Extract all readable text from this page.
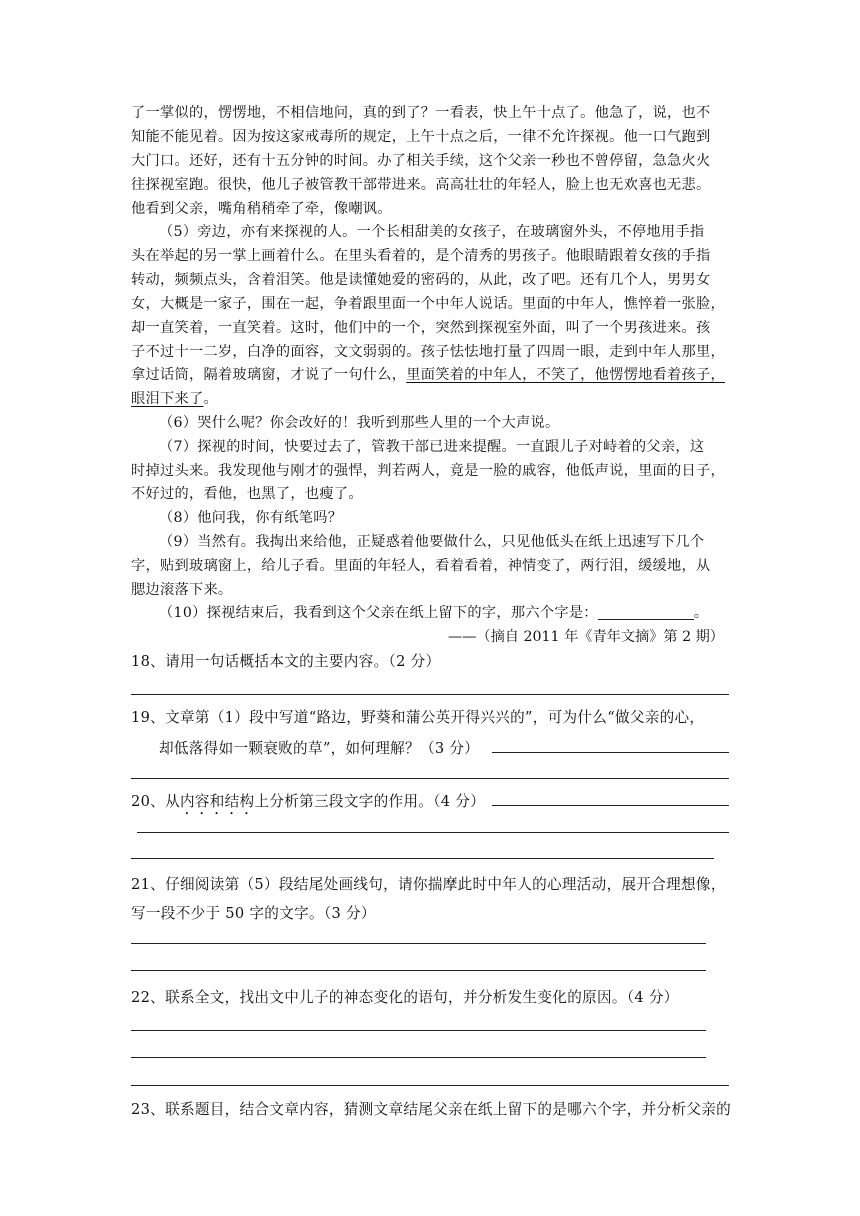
了一掌似的，愣愣地，不相信地问，真的到了？一看表，快上午十点了。他急了，说，也不
知能不能见着。因为按这家戒毒所的规定，上午十点之后，一律不允许探视。他一口气跑到
大门口。还好，还有十五分钟的时间。办了相关手续，这个父亲一秒也不曾停留，急急火火
往探视室跑。很快，他儿子被管教干部带进来。高高壮壮的年轻人，脸上也无欢喜也无悲。
他看到父亲，嘴角稍稍牵了牵，像嘲讽。
（5）旁边，亦有来探视的人。一个长相甜美的女孩子，在玻璃窗外头，不停地用手指
头在举起的另一掌上画着什么。在里头看着的，是个清秀的男孩子。他眼睛跟着女孩的手指
转动，频频点头，含着泪笑。他是读懂她爱的密码的，从此，改了吧。还有几个人，男男女
女，大概是一家子，围在一起，争着跟里面一个中年人说话。里面的中年人，憔悴着一张脸，
却一直笑着，一直笑着。这时，他们中的一个，突然到探视室外面，叫了一个男孩进来。孩
子不过十一二岁，白净的面容，文文弱弱的。孩子怯怯地打量了四周一眼，走到中年人那里，
拿过话筒，隔着玻璃窗，才说了一句什么，里面笑着的中年人，不笑了，他愣愣地看着孩子，
眼泪下来了。
（6）哭什么呢？你会改好的！我听到那些人里的一个大声说。
（7）探视的时间，快要过去了，管教干部已进来提醒。一直跟儿子对峙着的父亲，这
时掉过头来。我发现他与刚才的强悍，判若两人，竟是一脸的戚容，他低声说，里面的日子，
不好过的，看他，也黑了，也瘦了。
（8）他问我，你有纸笔吗？
（9）当然有。我掏出来给他，正疑惑着他要做什么，只见他低头在纸上迅速写下几个
字，贴到玻璃窗上，给儿子看。里面的年轻人，看着看着，神情变了，两行泪，缓缓地，从
腮边滚落下来。
（10）探视结束后，我看到这个父亲在纸上留下的字，那六个字是：	。
——（摘自 2011 年《青年文摘》第 2 期）
18、请用一句话概括本文的主要内容。（2 分）
19、文章第（1）段中写道“路边，野葵和蒲公英开得兴兴的”，可为什么“做父亲的心，
却低落得如一颗衰败的草”，如何理解？（3 分）
20、从内容和结构上分析第三段文字的作用。（4 分）
21、仔细阅读第（5）段结尾处画线句，请你揣摩此时中年人的心理活动，展开合理想像，
写一段不少于 50 字的文字。（3 分）
22、联系全文，找出文中儿子的神态变化的语句，并分析发生变化的原因。（4 分）
23、联系题目，结合文章内容，猜测文章结尾父亲在纸上留下的是哪六个字，并分析父亲的
